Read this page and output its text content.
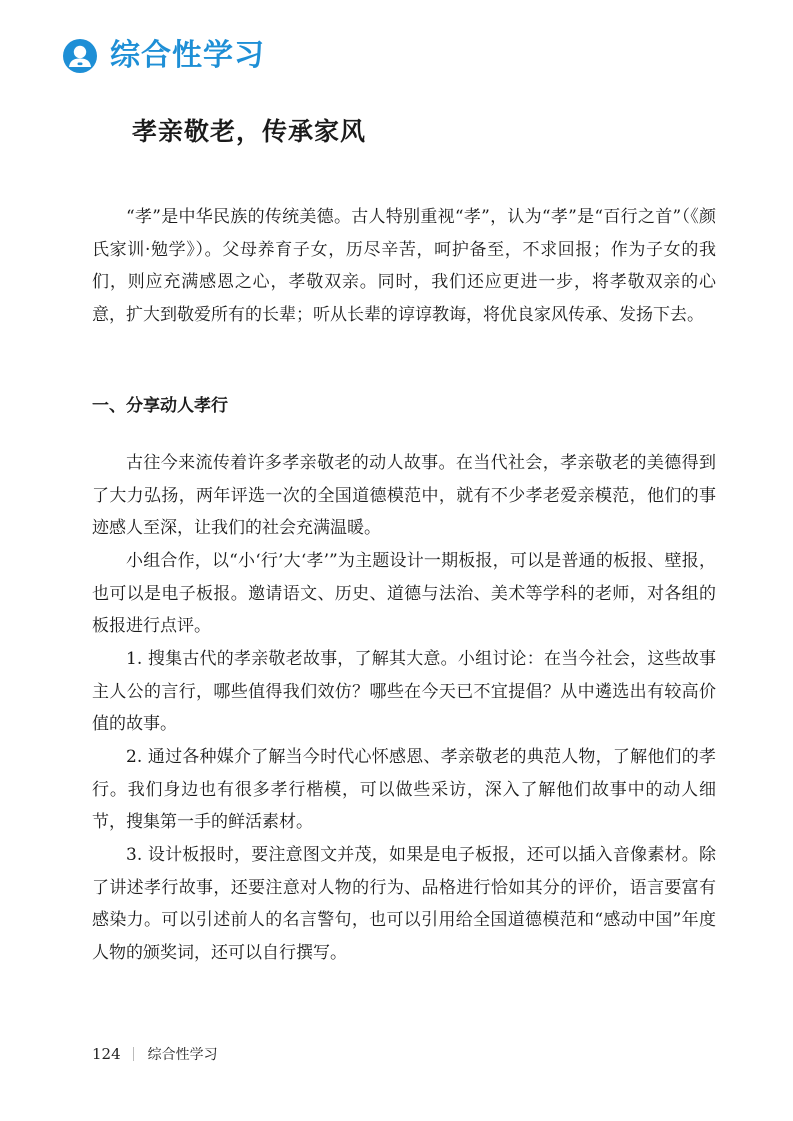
综合性学习
孝亲敬老，传承家风

“孝”是中华民族的传统美德。古人特别重视“孝”，认为“孝”是“百行之首”（《颜氏家训·勉学》）。父母养育子女，历尽辛苦，呵护备至，不求回报；作为子女的我们，则应充满感恩之心，孝敬双亲。同时，我们还应更进一步，将孝敬双亲的心意，扩大到敬爱所有的长辈；听从长辈的谆谆教诲，将优良家风传承、发扬下去。

一、分享动人孝行

古往今来流传着许多孝亲敬老的动人故事。在当代社会，孝亲敬老的美德得到了大力弘扬，两年评选一次的全国道德模范中，就有不少孝老爱亲模范，他们的事迹感人至深，让我们的社会充满温暖。

小组合作，以“小‘行’大‘孝’”为主题设计一期板报，可以是普通的板报、壁报，也可以是电子板报。邀请语文、历史、道德与法治、美术等学科的老师，对各组的板报进行点评。

1. 搜集古代的孝亲敬老故事，了解其大意。小组讨论：在当今社会，这些故事主人公的言行，哪些值得我们效仿？哪些在今天已不宜提倡？从中遴选出有较高价值的故事。

2. 通过各种媒介了解当今时代心怀感恩、孝亲敬老的典范人物，了解他们的孝行。我们身边也有很多孝行楷模，可以做些采访，深入了解他们故事中的动人细节，搜集第一手的鲜活素材。

3. 设计板报时，要注意图文并茂，如果是电子板报，还可以插入音像素材。除了讲述孝行故事，还要注意对人物的行为、品格进行恰如其分的评价，语言要富有感染力。可以引述前人的名言警句，也可以引用给全国道德模范和“感动中国”年度人物的颁奖词，还可以自行撰写。

124 综合性学习
